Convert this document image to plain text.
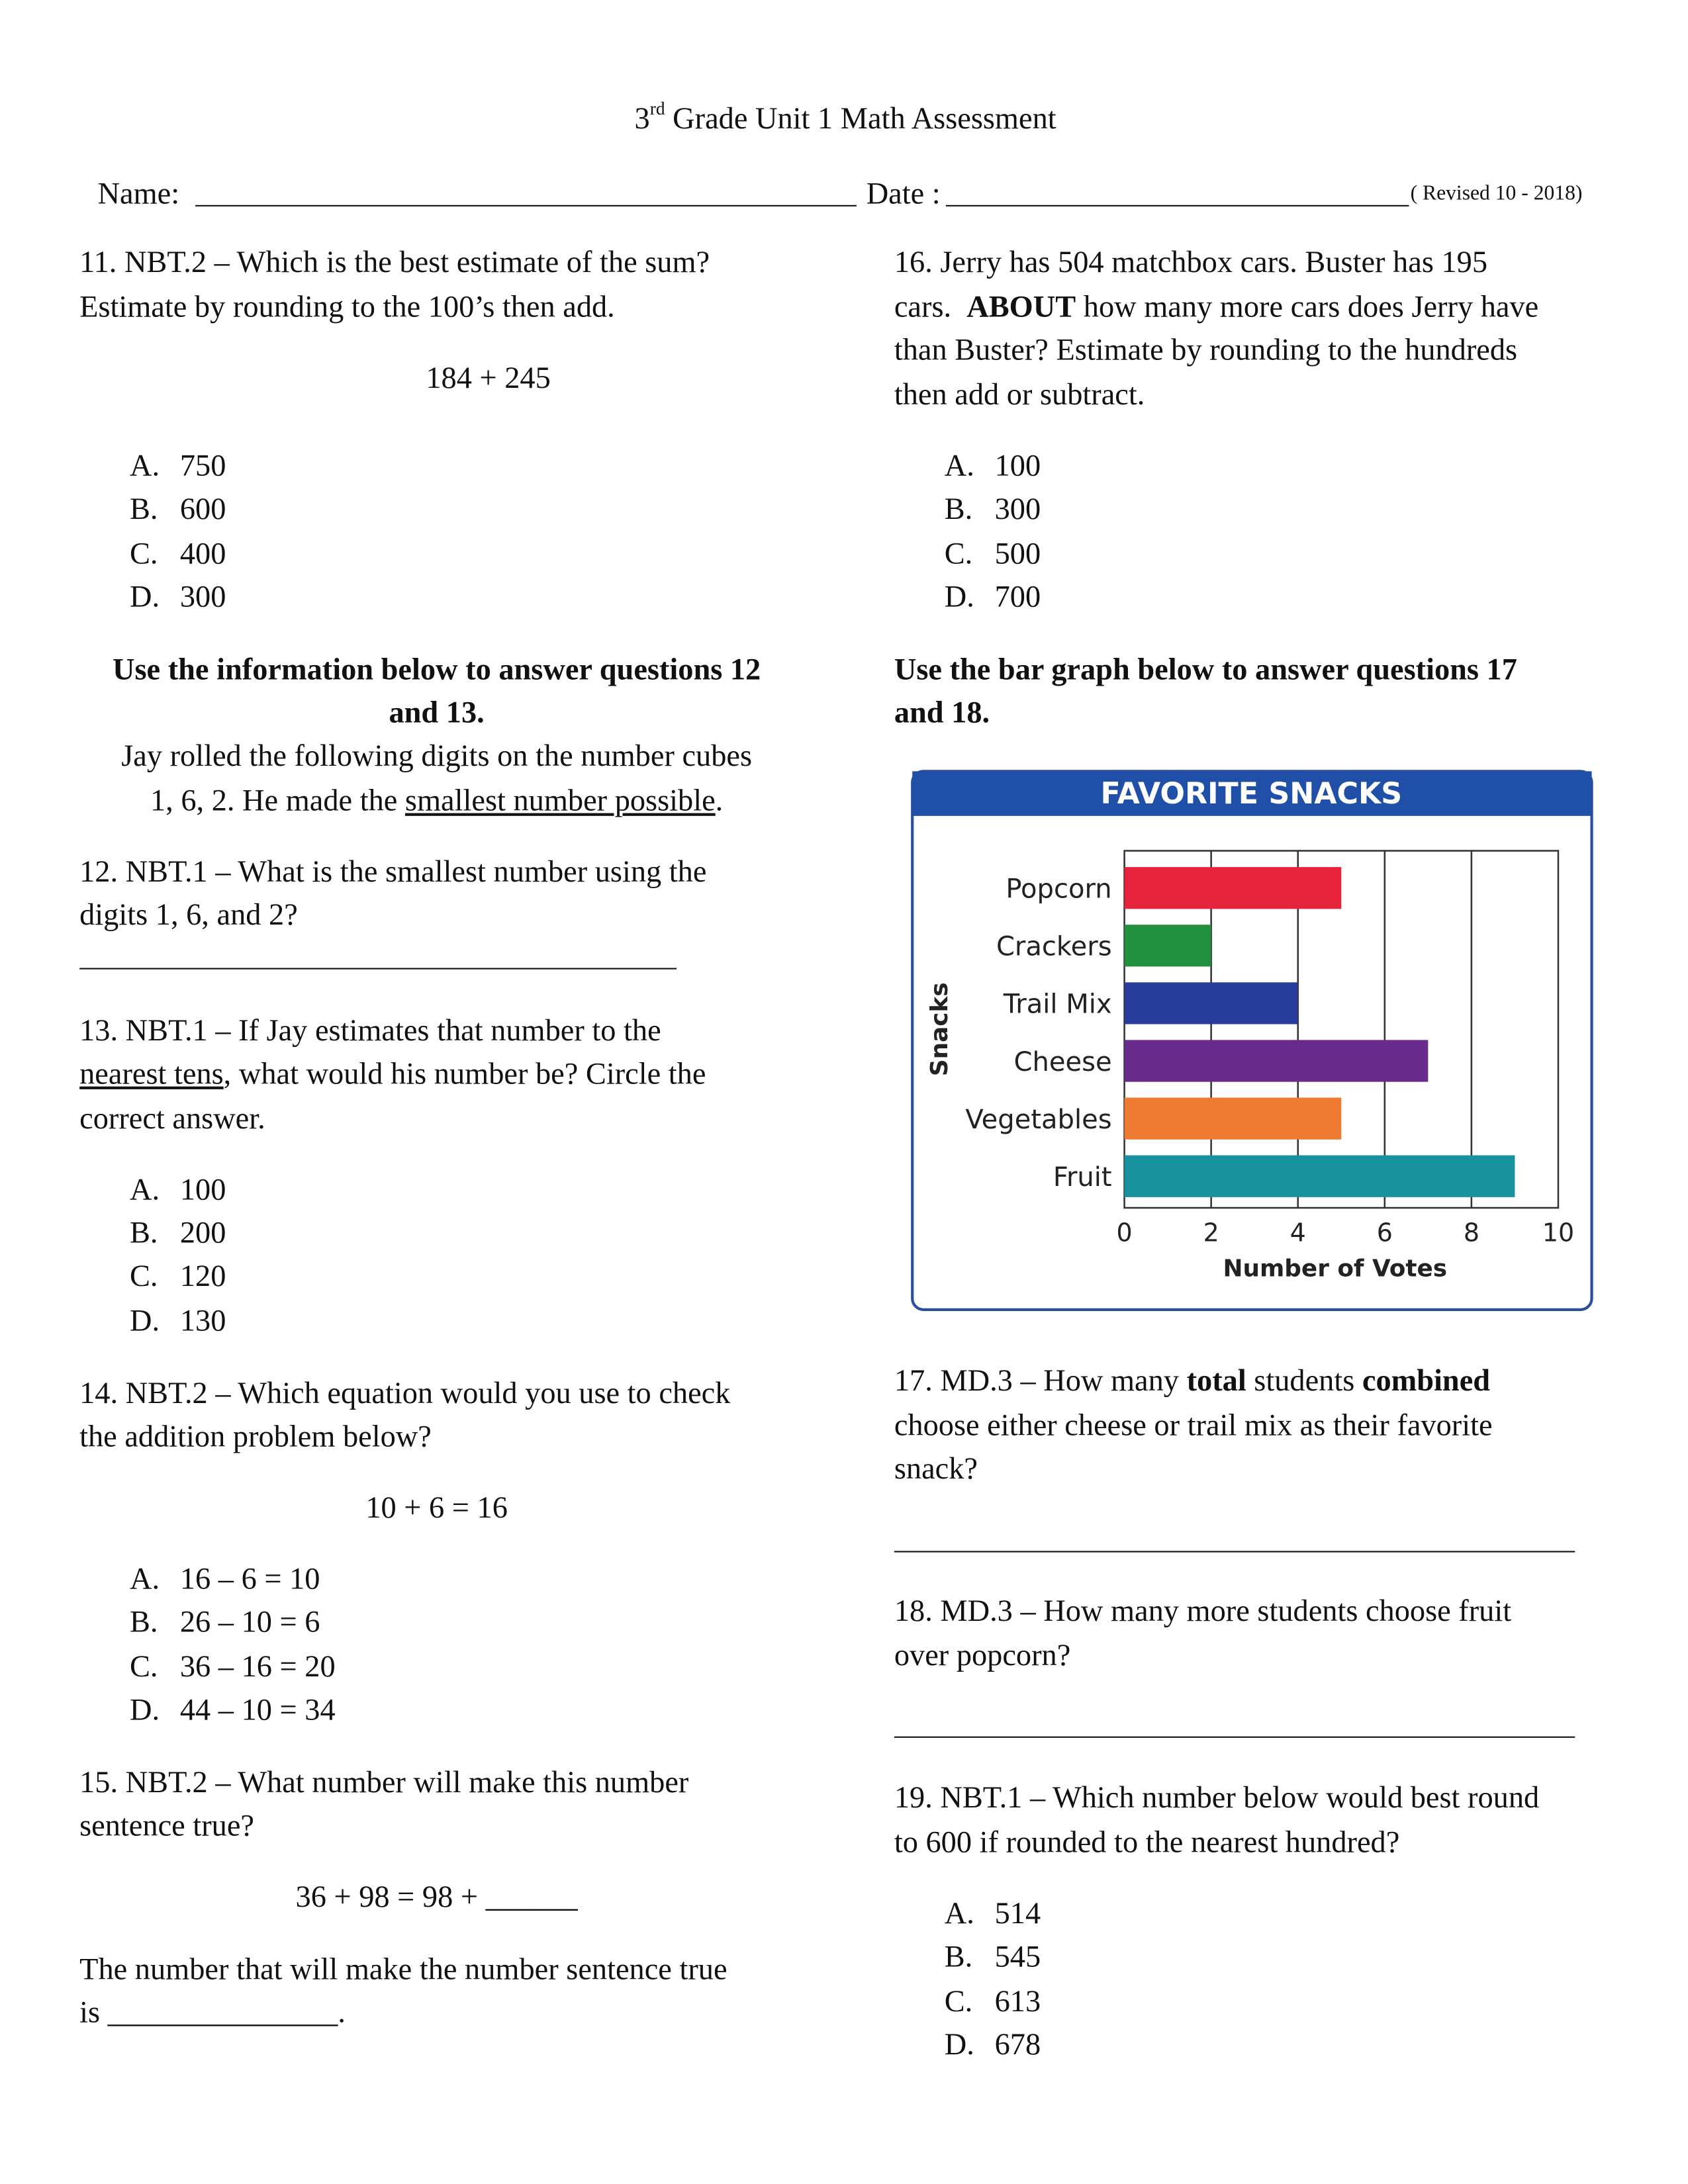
3rd Grade Unit 1 Math Assessment
Name:	Date :	( Revised 10 - 2018)
11. NBT.2 – Which is the best estimate of the sum?
Estimate by rounding to the 100’s then add.
184 + 245
A. 750
B. 600
C. 400
D. 300
Use the information below to answer questions 12
and 13.
Jay rolled the following digits on the number cubes
1, 6, 2. He made the smallest number possible.
12. NBT.1 – What is the smallest number using the
digits 1, 6, and 2?
13. NBT.1 – If Jay estimates that number to the
nearest tens, what would his number be? Circle the
correct answer.
A. 100
B. 200
C. 120
D. 130
14. NBT.2 – Which equation would you use to check
the addition problem below?
10 + 6 = 16
A. 16 – 6 = 10
B. 26 – 10 = 6
C. 36 – 16 = 20
D. 44 – 10 = 34
15. NBT.2 – What number will make this number
sentence true?
36 + 98 = 98 + ______
The number that will make the number sentence true
is _______________.
16. Jerry has 504 matchbox cars. Buster has 195
cars.  ABOUT how many more cars does Jerry have
than Buster? Estimate by rounding to the hundreds
then add or subtract.
A. 100
B. 300
C. 500
D. 700
Use the bar graph below to answer questions 17
and 18.
FAVORITE SNACKS
0	2	4	6	8	10
Popcorn
Crackers
Trail Mix
Cheese
Vegetables
Fruit
Number of Votes
Snacks
17. MD.3 – How many total students combined
choose either cheese or trail mix as their favorite
snack?
18. MD.3 – How many more students choose fruit
over popcorn?
19. NBT.1 – Which number below would best round
to 600 if rounded to the nearest hundred?
A. 514
B. 545
C. 613
D. 678
